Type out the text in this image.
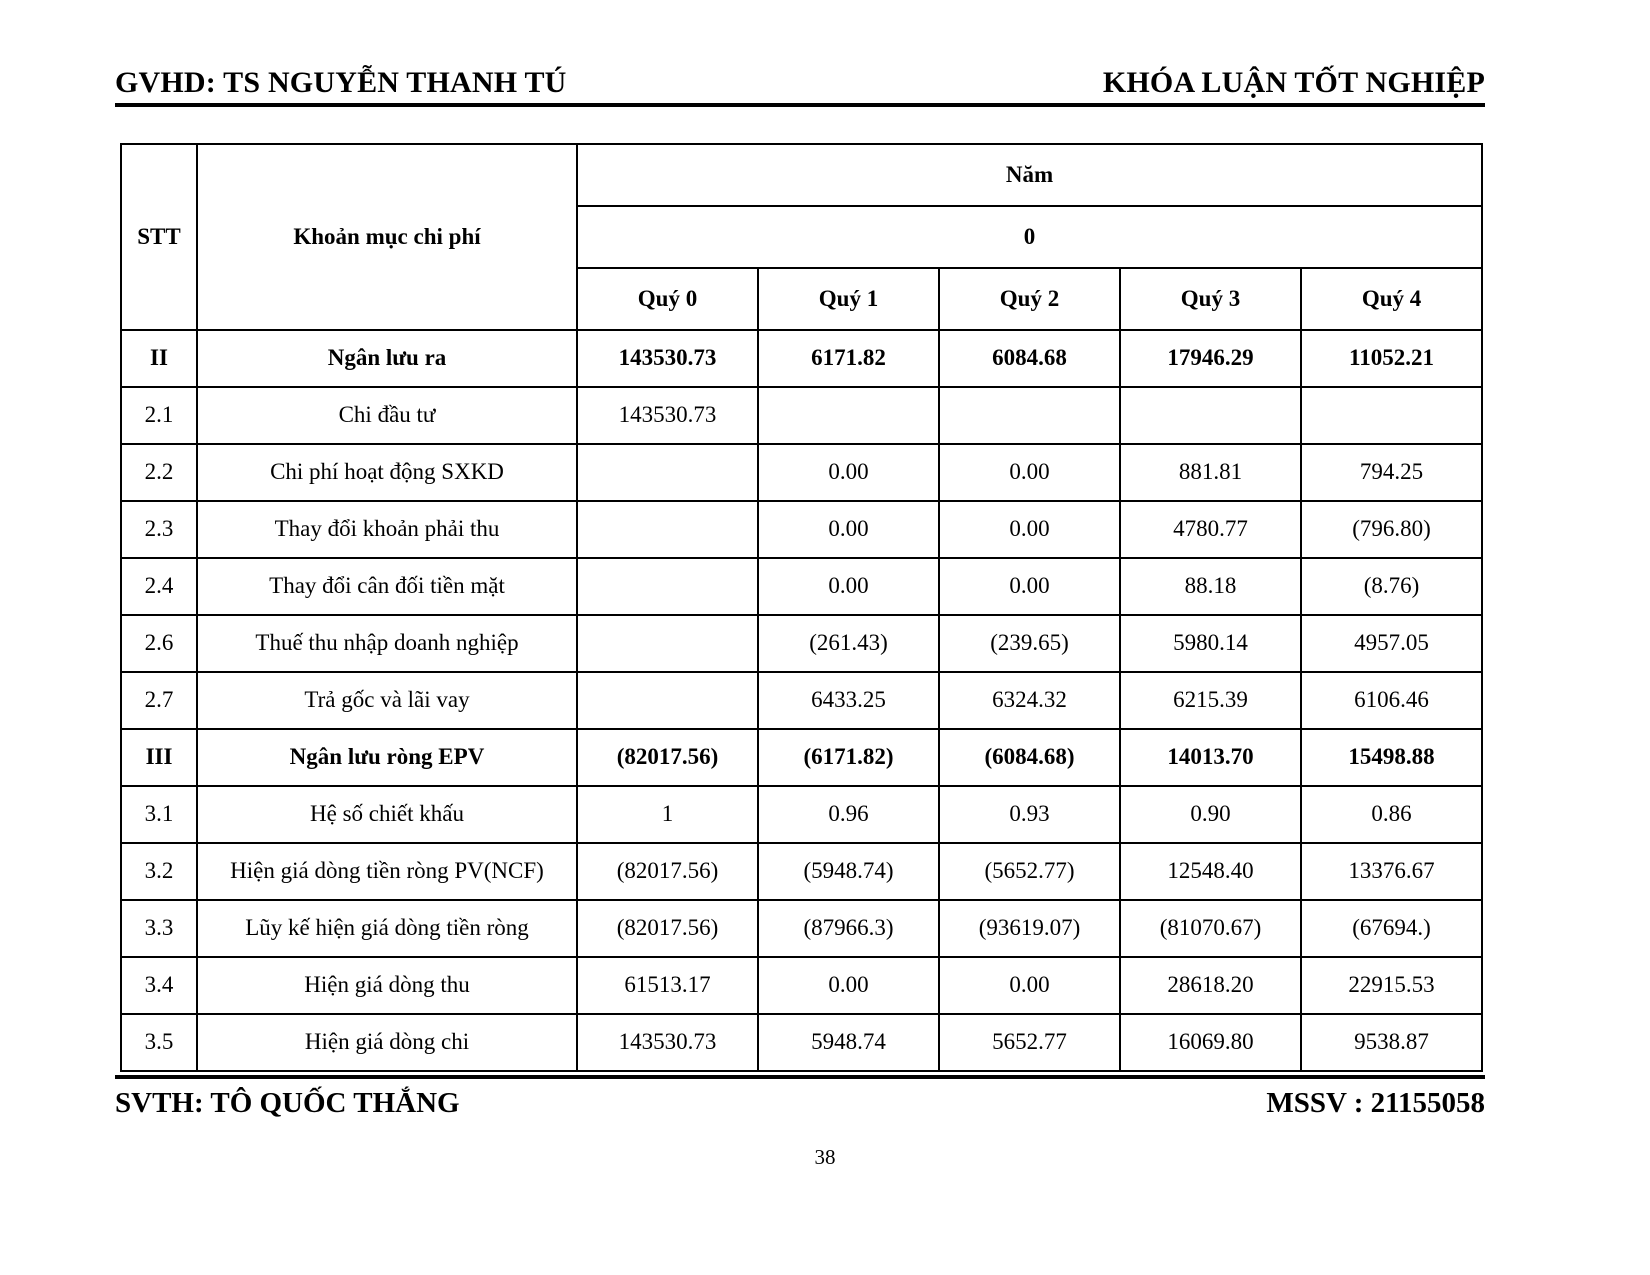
GVHD: TS NGUYỄN THANH TÚ	KHÓA LUẬN TỐT NGHIỆP
STT	Khoản mục chi phí	Năm				
		0				
		Quý 0	Quý 1	Quý 2	Quý 3	Quý 4
II	Ngân lưu ra	143530.73	6171.82	6084.68	17946.29	11052.21
2.1	Chi đầu tư	143530.73				
2.2	Chi phí hoạt động SXKD		0.00	0.00	881.81	794.25
2.3	Thay đổi khoản phải thu		0.00	0.00	4780.77	(796.80)
2.4	Thay đổi cân đối tiền mặt		0.00	0.00	88.18	(8.76)
2.6	Thuế thu nhập doanh nghiệp		(261.43)	(239.65)	5980.14	4957.05
2.7	Trả gốc và lãi vay		6433.25	6324.32	6215.39	6106.46
III	Ngân lưu ròng EPV	(82017.56)	(6171.82)	(6084.68)	14013.70	15498.88
3.1	Hệ số chiết khấu	1	0.96	0.93	0.90	0.86
3.2	Hiện giá dòng tiền ròng PV(NCF)	(82017.56)	(5948.74)	(5652.77)	12548.40	13376.67
3.3	Lũy kế hiện giá dòng tiền ròng	(82017.56)	(87966.3)	(93619.07)	(81070.67)	(67694.)
3.4	Hiện giá dòng thu	61513.17	0.00	0.00	28618.20	22915.53
3.5	Hiện giá dòng chi	143530.73	5948.74	5652.77	16069.80	9538.87
SVTH: TÔ QUỐC THẮNG	MSSV : 21155058
38
